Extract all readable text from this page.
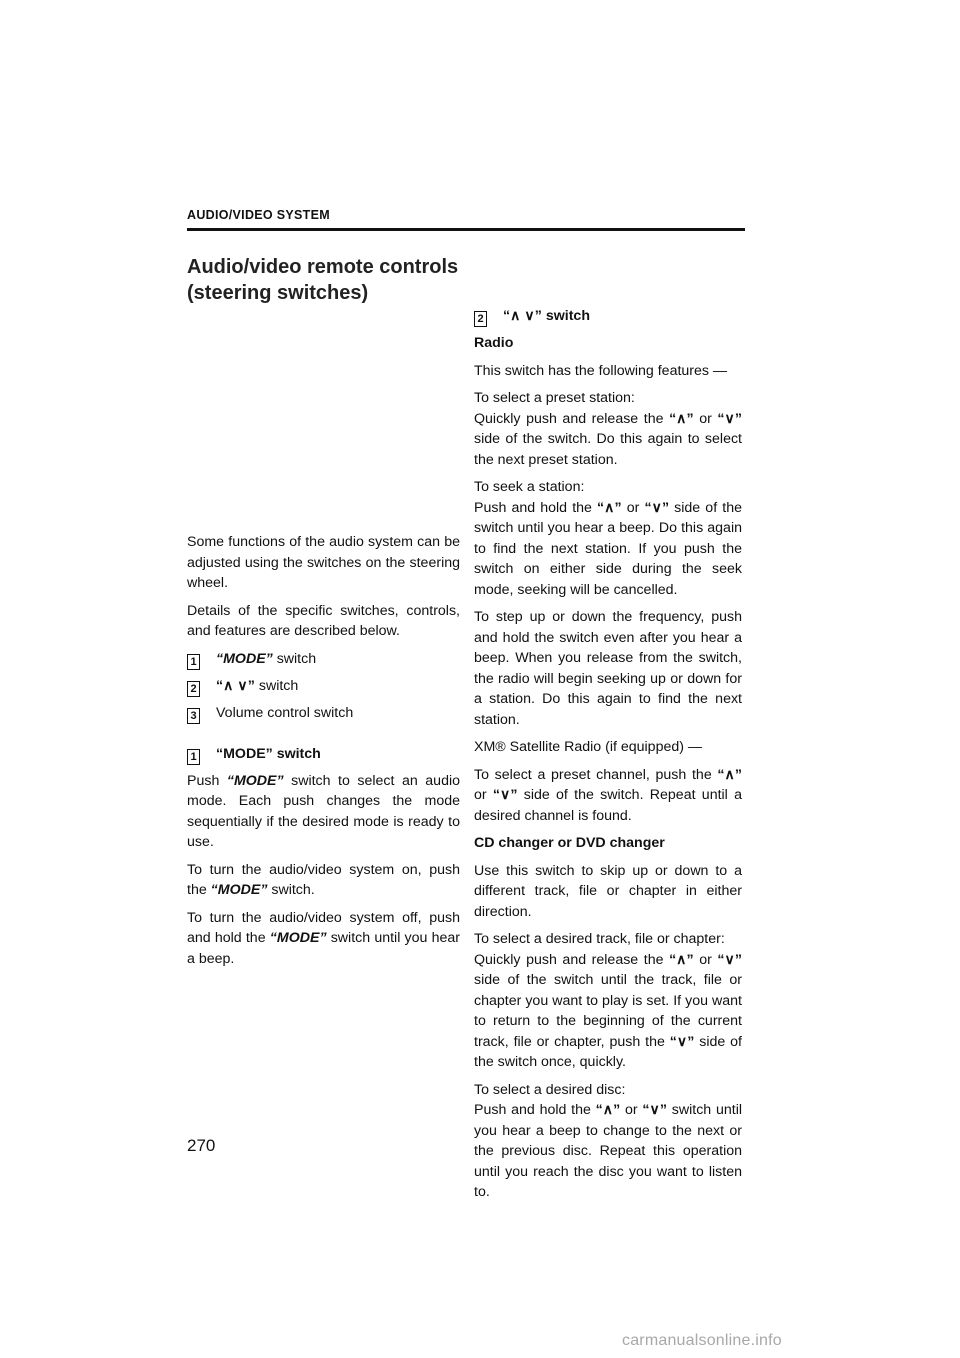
AUDIO/VIDEO SYSTEM
Audio/video remote controls
(steering switches)

Some functions of the audio system can be adjusted using the switches on the steering wheel.

Details of the specific switches, controls, and features are described below.

1 “MODE” switch
2 “∧ ∨” switch
3 Volume control switch
1 “MODE” switch

Push “MODE” switch to select an audio mode. Each push changes the mode sequentially if the desired mode is ready to use.

To turn the audio/video system on, push the “MODE” switch.

To turn the audio/video system off, push and hold the “MODE” switch until you hear a beep.

2 “∧ ∨” switch

Radio

This switch has the following features —

To select a preset station:
Quickly push and release the “∧” or “∨” side of the switch. Do this again to select the next preset station.

To seek a station:
Push and hold the “∧” or “∨” side of the switch until you hear a beep. Do this again to find the next station. If you push the switch on either side during the seek mode, seeking will be cancelled.

To step up or down the frequency, push and hold the switch even after you hear a beep. When you release from the switch, the radio will begin seeking up or down for a station. Do this again to find the next station.

XM® Satellite Radio (if equipped) —

To select a preset channel, push the “∧” or “∨” side of the switch. Repeat until a desired channel is found.

CD changer or DVD changer

Use this switch to skip up or down to a different track, file or chapter in either direction.

To select a desired track, file or chapter:
Quickly push and release the “∧” or “∨” side of the switch until the track, file or chapter you want to play is set. If you want to return to the beginning of the current track, file or chapter, push the “∨” side of the switch once, quickly.

To select a desired disc:
Push and hold the “∧” or “∨” switch until you hear a beep to change to the next or the previous disc. Repeat this operation until you reach the disc you want to listen to.

270
carmanualsonline.info
